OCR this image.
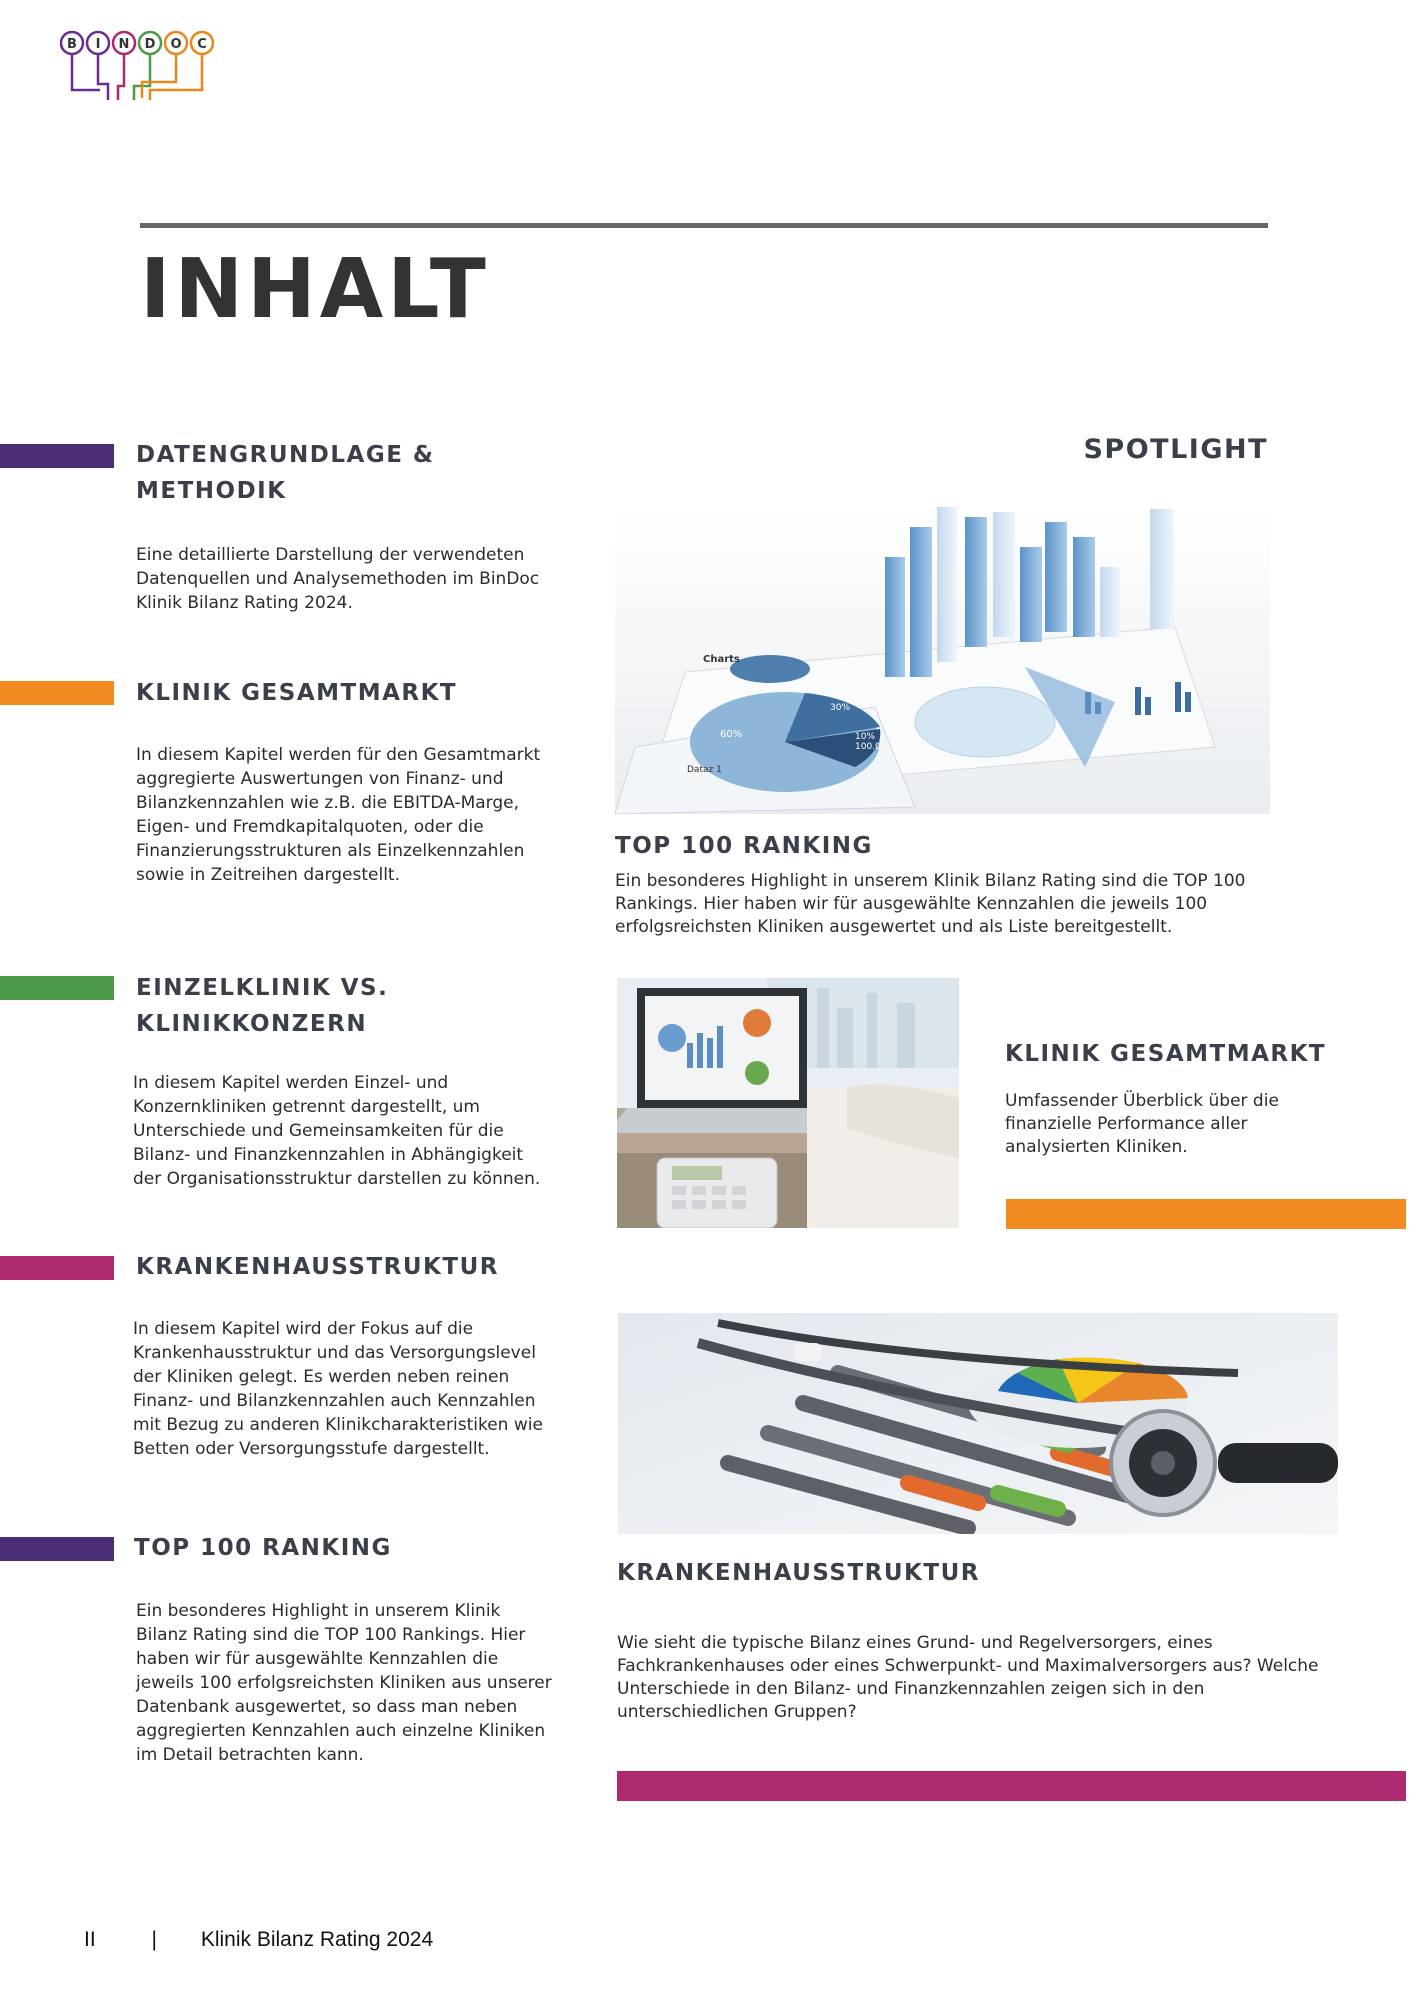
B I N D O C
INHALT
DATENGRUNDLAGE & METHODIK

Eine detaillierte Darstellung der verwendeten Datenquellen und Analysemethoden im BinDoc Klinik Bilanz Rating 2024.

KLINIK GESAMTMARKT

In diesem Kapitel werden für den Gesamtmarkt aggregierte Auswertungen von Finanz- und Bilanzkennzahlen wie z.B. die EBITDA-Marge, Eigen- und Fremdkapitalquoten, oder die Finanzierungsstrukturen als Einzelkennzahlen sowie in Zeitreihen dargestellt.

EINZELKLINIK VS. KLINIKKONZERN

In diesem Kapitel werden Einzel- und Konzernkliniken getrennt dargestellt, um Unterschiede und Gemeinsamkeiten für die Bilanz- und Finanzkennzahlen in Abhängigkeit der Organisationsstruktur darstellen zu können.

KRANKENHAUSSTRUKTUR

In diesem Kapitel wird der Fokus auf die Krankenhausstruktur und das Versorgungslevel der Kliniken gelegt. Es werden neben reinen Finanz- und Bilanzkennzahlen auch Kennzahlen mit Bezug zu anderen Klinikcharakteristiken wie Betten oder Versorgungsstufe dargestellt.

TOP 100 RANKING

Ein besonderes Highlight in unserem Klinik Bilanz Rating sind die TOP 100 Rankings. Hier haben wir für ausgewählte Kennzahlen die jeweils 100 erfolgsreichsten Kliniken aus unserer Datenbank ausgewertet, so dass man neben aggregierten Kennzahlen auch einzelne Kliniken im Detail betrachten kann.

SPOTLIGHT
Charts
60%
30%
10%
100.0
Dataz 1
TOP 100 RANKING

Ein besonderes Highlight in unserem Klinik Bilanz Rating sind die TOP 100 Rankings. Hier haben wir für ausgewählte Kennzahlen die jeweils 100 erfolgsreichsten Kliniken ausgewertet und als Liste bereitgestellt.

KLINIK GESAMTMARKT

Umfassender Überblick über die finanzielle Performance aller analysierten Kliniken.

KRANKENHAUSSTRUKTUR

Wie sieht die typische Bilanz eines Grund- und Regelversorgers, eines Fachkrankenhauses oder eines Schwerpunkt- und Maximalversorgers aus? Welche Unterschiede in den Bilanz- und Finanzkennzahlen zeigen sich in den unterschiedlichen Gruppen?

II	| Klinik Bilanz Rating 2024
